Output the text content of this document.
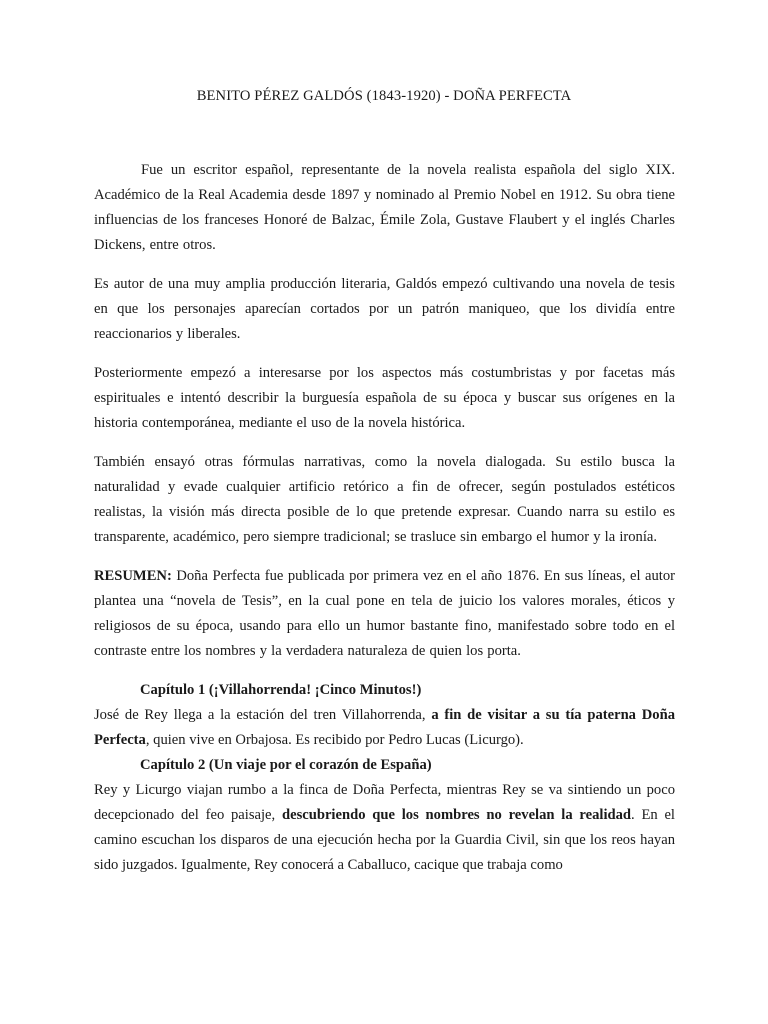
BENITO PÉREZ GALDÓS (1843-1920) - DOÑA PERFECTA

Fue un escritor español, representante de la novela realista española del siglo XIX. Académico de la Real Academia desde 1897 y nominado al Premio Nobel en 1912. Su obra tiene influencias de los franceses Honoré de Balzac, Émile Zola, Gustave Flaubert y el inglés Charles Dickens, entre otros.

Es autor de una muy amplia producción literaria, Galdós empezó cultivando una novela de tesis en que los personajes aparecían cortados por un patrón maniqueo, que los dividía entre reaccionarios y liberales.

Posteriormente empezó a interesarse por los aspectos más costumbristas y por facetas más espirituales e intentó describir la burguesía española de su época y buscar sus orígenes en la historia contemporánea, mediante el uso de la novela histórica.

También ensayó otras fórmulas narrativas, como la novela dialogada. Su estilo busca la naturalidad y evade cualquier artificio retórico a fin de ofrecer, según postulados estéticos realistas, la visión más directa posible de lo que pretende expresar. Cuando narra su estilo es transparente, académico, pero siempre tradicional; se trasluce sin embargo el humor y la ironía.

RESUMEN: Doña Perfecta fue publicada por primera vez en el año 1876. En sus líneas, el autor plantea una “novela de Tesis”, en la cual pone en tela de juicio los valores morales, éticos y religiosos de su época, usando para ello un humor bastante fino, manifestado sobre todo en el contraste entre los nombres y la verdadera naturaleza de quien los porta.

Capítulo 1 (¡Villahorrenda! ¡Cinco Minutos!)

José de Rey llega a la estación del tren Villahorrenda, a fin de visitar a su tía paterna Doña Perfecta, quien vive en Orbajosa. Es recibido por Pedro Lucas (Licurgo).

Capítulo 2 (Un viaje por el corazón de España)

Rey y Licurgo viajan rumbo a la finca de Doña Perfecta, mientras Rey se va sintiendo un poco decepcionado del feo paisaje, descubriendo que los nombres no revelan la realidad. En el camino escuchan los disparos de una ejecución hecha por la Guardia Civil, sin que los reos hayan sido juzgados. Igualmente, Rey conocerá a Caballuco, cacique que trabaja como
